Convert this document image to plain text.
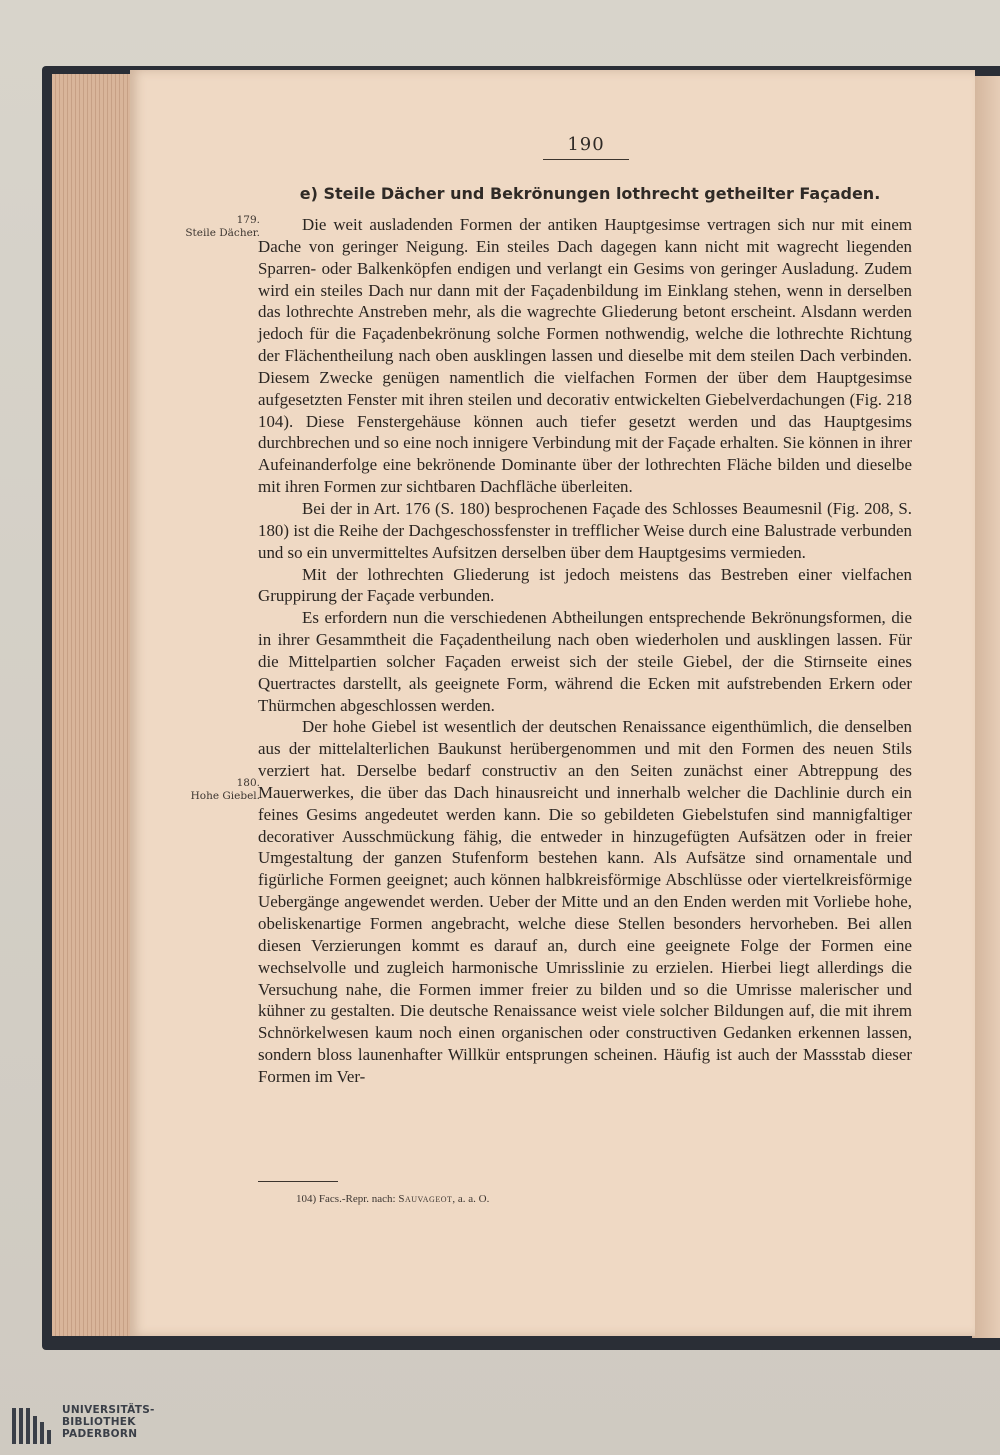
190
e) Steile Dächer und Bekrönungen lothrecht getheilter Façaden.
179.
Steile Dächer.
180.
Hohe Giebel.

Die weit ausladenden Formen der antiken Hauptgesimse vertragen sich nur mit einem Dache von geringer Neigung. Ein steiles Dach dagegen kann nicht mit wagrecht liegenden Sparren- oder Balkenköpfen endigen und verlangt ein Gesims von geringer Ausladung. Zudem wird ein steiles Dach nur dann mit der Façadenbildung im Einklang stehen, wenn in derselben das lothrechte Anstreben mehr, als die wagrechte Gliederung betont erscheint. Alsdann werden jedoch für die Façadenbekrönung solche Formen nothwendig, welche die lothrechte Richtung der Flächentheilung nach oben ausklingen lassen und dieselbe mit dem steilen Dach verbinden. Diesem Zwecke genügen namentlich die vielfachen Formen der über dem Hauptgesimse aufgesetzten Fenster mit ihren steilen und decorativ entwickelten Giebelverdachungen (Fig. 218 104). Diese Fenstergehäuse können auch tiefer gesetzt werden und das Hauptgesims durchbrechen und so eine noch innigere Verbindung mit der Façade erhalten. Sie können in ihrer Aufeinanderfolge eine bekrönende Dominante über der lothrechten Fläche bilden und dieselbe mit ihren Formen zur sichtbaren Dachfläche überleiten.

Bei der in Art. 176 (S. 180) besprochenen Façade des Schlosses Beaumesnil (Fig. 208, S. 180) ist die Reihe der Dachgeschossfenster in trefflicher Weise durch eine Balustrade verbunden und so ein unvermitteltes Aufsitzen derselben über dem Hauptgesims vermieden.

Mit der lothrechten Gliederung ist jedoch meistens das Bestreben einer vielfachen Gruppirung der Façade verbunden.

Es erfordern nun die verschiedenen Abtheilungen entsprechende Bekrönungsformen, die in ihrer Gesammtheit die Façadentheilung nach oben wiederholen und ausklingen lassen. Für die Mittelpartien solcher Façaden erweist sich der steile Giebel, der die Stirnseite eines Quertractes darstellt, als geeignete Form, während die Ecken mit aufstrebenden Erkern oder Thürmchen abgeschlossen werden.

Der hohe Giebel ist wesentlich der deutschen Renaissance eigenthümlich, die denselben aus der mittelalterlichen Baukunst herübergenommen und mit den Formen des neuen Stils verziert hat. Derselbe bedarf constructiv an den Seiten zunächst einer Abtreppung des Mauerwerkes, die über das Dach hinausreicht und innerhalb welcher die Dachlinie durch ein feines Gesims angedeutet werden kann. Die so gebildeten Giebelstufen sind mannigfaltiger decorativer Ausschmückung fähig, die entweder in hinzugefügten Aufsätzen oder in freier Umgestaltung der ganzen Stufenform bestehen kann. Als Aufsätze sind ornamentale und figürliche Formen geeignet; auch können halbkreisförmige Abschlüsse oder viertelkreisförmige Uebergänge angewendet werden. Ueber der Mitte und an den Enden werden mit Vorliebe hohe, obeliskenartige Formen angebracht, welche diese Stellen besonders hervorheben. Bei allen diesen Verzierungen kommt es darauf an, durch eine geeignete Folge der Formen eine wechselvolle und zugleich harmonische Umrisslinie zu erzielen. Hierbei liegt allerdings die Versuchung nahe, die Formen immer freier zu bilden und so die Umrisse malerischer und kühner zu gestalten. Die deutsche Renaissance weist viele solcher Bildungen auf, die mit ihrem Schnörkelwesen kaum noch einen organischen oder constructiven Gedanken erkennen lassen, sondern bloss launenhafter Willkür entsprungen scheinen. Häufig ist auch der Massstab dieser Formen im Ver-

104) Facs.-Repr. nach: Sauvageot, a. a. O.
UNIVERSITÄTS-
BIBLIOTHEK
PADERBORN
